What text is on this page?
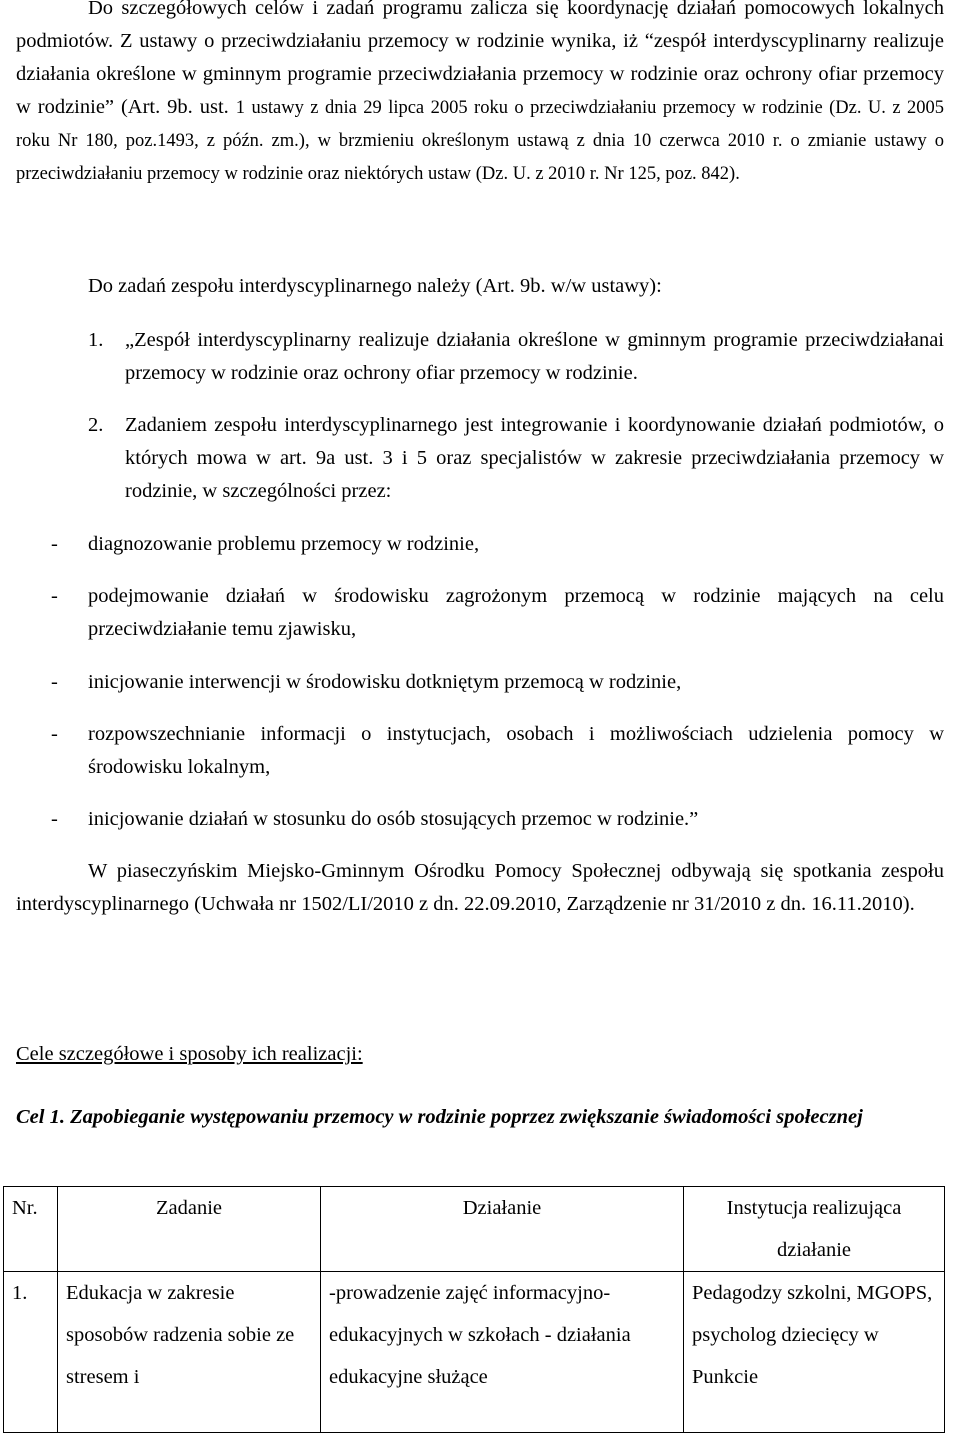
Do szczegółowych celów i zadań programu zalicza się koordynację działań pomocowych lokalnych podmiotów. Z ustawy o przeciwdziałaniu przemocy w rodzinie wynika, iż “zespół interdyscyplinarny realizuje działania określone w gminnym programie przeciwdziałania przemocy w rodzinie oraz ochrony ofiar przemocy w rodzinie” (Art. 9b. ust. 1 ustawy z dnia 29 lipca 2005 roku o przeciwdziałaniu przemocy w rodzinie (Dz. U. z 2005 roku Nr 180, poz.1493, z późn. zm.), w brzmieniu określonym ustawą z dnia 10 czerwca 2010 r. o zmianie ustawy o przeciwdziałaniu przemocy w rodzinie oraz niektórych ustaw (Dz. U. z 2010 r. Nr 125, poz. 842).

Do zadań zespołu interdyscyplinarnego należy (Art. 9b. w/w ustawy):

1.	„Zespół interdyscyplinarny realizuje działania określone w gminnym programie przeciwdziałanai przemocy w rodzinie oraz ochrony ofiar przemocy w rodzinie.
2.	Zadaniem zespołu interdyscyplinarnego jest integrowanie i koordynowanie działań podmiotów, o których mowa w art. 9a ust. 3 i 5 oraz specjalistów w zakresie przeciwdziałania przemocy w rodzinie, w szczególności przez:
-	diagnozowanie problemu przemocy w rodzinie,
-	podejmowanie działań w środowisku zagrożonym przemocą w rodzinie mających na celu przeciwdziałanie temu zjawisku,
-	inicjowanie interwencji w środowisku dotkniętym przemocą w rodzinie,
-	rozpowszechnianie informacji o instytucjach, osobach i możliwościach udzielenia pomocy w środowisku lokalnym,
-	inicjowanie działań w stosunku do osób stosujących przemoc w rodzinie.”

W piaseczyńskim Miejsko-Gminnym Ośrodku Pomocy Społecznej odbywają się spotkania zespołu interdyscyplinarnego (Uchwała nr 1502/LI/2010 z dn. 22.09.2010, Zarządzenie nr 31/2010 z dn. 16.11.2010).

Cele szczegółowe i sposoby ich realizacji:

Cel 1. Zapobieganie występowaniu przemocy w rodzinie poprzez zwiększanie świadomości społecznej

Nr.	Zadanie	Działanie	Instytucja realizująca działanie
1.	Edukacja w zakresie sposobów radzenia sobie ze stresem i	-prowadzenie zajęć informacyjno-edukacyjnych w szkołach - działania edukacyjne służące	Pedagodzy szkolni, MGOPS, psycholog dziecięcy w Punkcie
